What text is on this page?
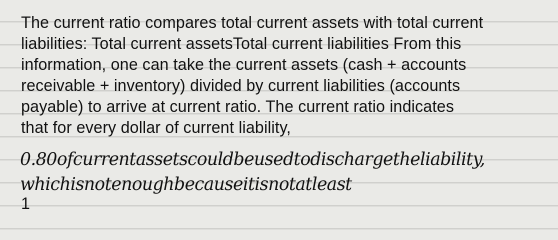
The current ratio compares total current assets with total current
liabilities: Total current assetsTotal current liabilities From this
information, one can take the current assets (cash + accounts
receivable + inventory) divided by current liabilities (accounts
payable) to arrive at current ratio. The current ratio indicates
that for every dollar of current liability,
0.80ofcurrentassetscouldbeusedtodischargetheliability,
whichisnotenoughbecauseitisnotatleast
1
